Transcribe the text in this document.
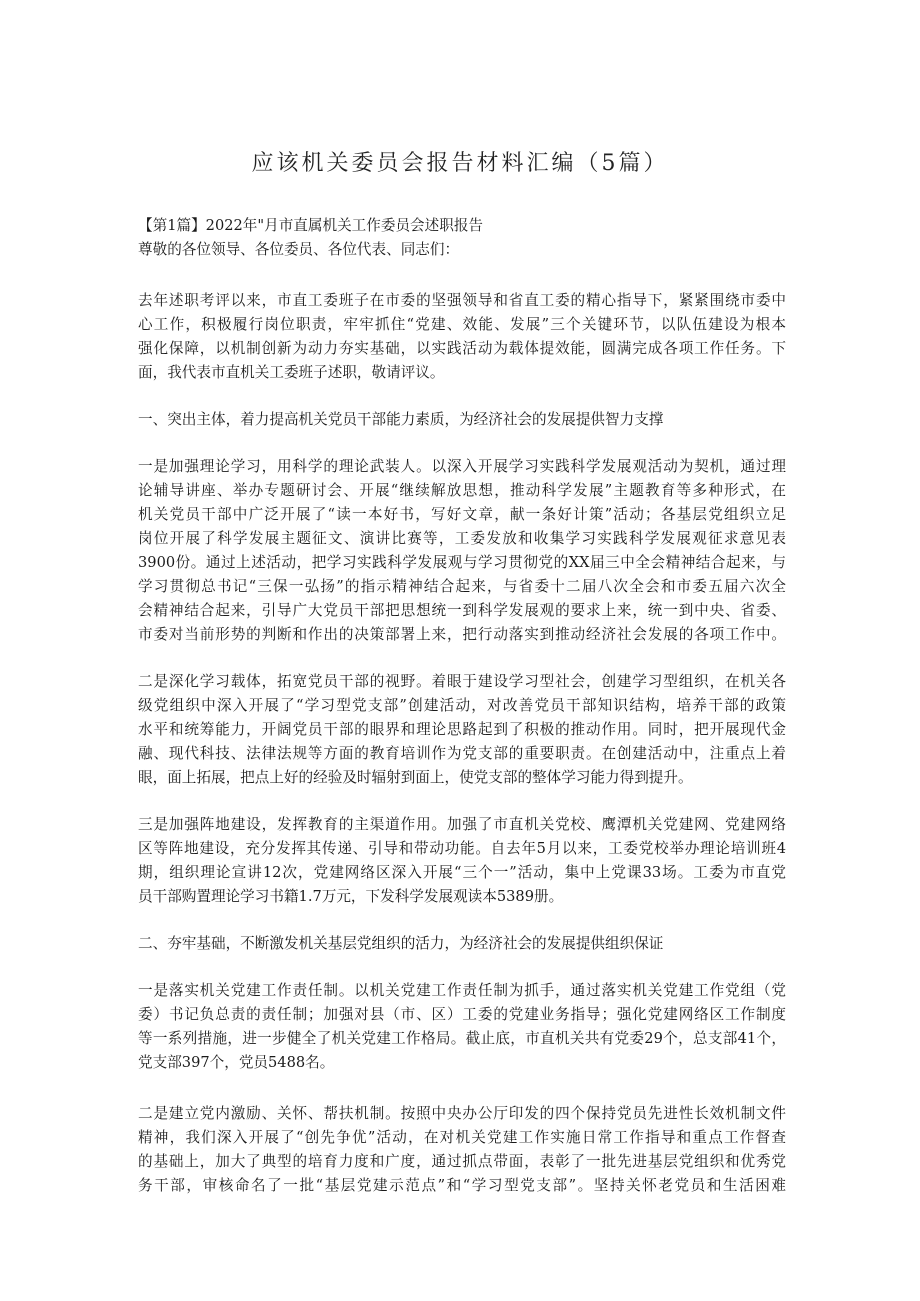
应该机关委员会报告材料汇编（5篇）

【第1篇】2022年"月市直属机关工作委员会述职报告

尊敬的各位领导、各位委员、各位代表、同志们：

去年述职考评以来，市直工委班子在市委的坚强领导和省直工委的精心指导下，紧紧围绕市委中

心工作，积极履行岗位职责，牢牢抓住“党建、效能、发展”三个关键环节，以队伍建设为根本

强化保障，以机制创新为动力夯实基础，以实践活动为载体提效能，圆满完成各项工作任务。下

面，我代表市直机关工委班子述职，敬请评议。

一、突出主体，着力提高机关党员干部能力素质，为经济社会的发展提供智力支撑

一是加强理论学习，用科学的理论武装人。以深入开展学习实践科学发展观活动为契机，通过理

论辅导讲座、举办专题研讨会、开展“继续解放思想，推动科学发展”主题教育等多种形式，在

机关党员干部中广泛开展了“读一本好书，写好文章，献一条好计策”活动；各基层党组织立足

岗位开展了科学发展主题征文、演讲比赛等，工委发放和收集学习实践科学发展观征求意见表

3900份。通过上述活动，把学习实践科学发展观与学习贯彻党的XX届三中全会精神结合起来，与

学习贯彻总书记“三保一弘扬”的指示精神结合起来，与省委十二届八次全会和市委五届六次全

会精神结合起来，引导广大党员干部把思想统一到科学发展观的要求上来，统一到中央、省委、

市委对当前形势的判断和作出的决策部署上来，把行动落实到推动经济社会发展的各项工作中。

二是深化学习载体，拓宽党员干部的视野。着眼于建设学习型社会，创建学习型组织，在机关各

级党组织中深入开展了“学习型党支部”创建活动，对改善党员干部知识结构，培养干部的政策

水平和统筹能力，开阔党员干部的眼界和理论思路起到了积极的推动作用。同时，把开展现代金

融、现代科技、法律法规等方面的教育培训作为党支部的重要职责。在创建活动中，注重点上着

眼，面上拓展，把点上好的经验及时辐射到面上，使党支部的整体学习能力得到提升。

三是加强阵地建设，发挥教育的主渠道作用。加强了市直机关党校、鹰潭机关党建网、党建网络

区等阵地建设，充分发挥其传递、引导和带动功能。自去年5月以来，工委党校举办理论培训班4

期，组织理论宣讲12次，党建网络区深入开展“三个一”活动，集中上党课33场。工委为市直党

员干部购置理论学习书籍1.7万元，下发科学发展观读本5389册。

二、夯牢基础，不断激发机关基层党组织的活力，为经济社会的发展提供组织保证

一是落实机关党建工作责任制。以机关党建工作责任制为抓手，通过落实机关党建工作党组（党

委）书记负总责的责任制；加强对县（市、区）工委的党建业务指导；强化党建网络区工作制度

等一系列措施，进一步健全了机关党建工作格局。截止底，市直机关共有党委29个，总支部41个，

党支部397个，党员5488名。

二是建立党内激励、关怀、帮扶机制。按照中央办公厅印发的四个保持党员先进性长效机制文件

精神，我们深入开展了“创先争优”活动，在对机关党建工作实施日常工作指导和重点工作督查

的基础上，加大了典型的培育力度和广度，通过抓点带面，表彰了一批先进基层党组织和优秀党

务干部，审核命名了一批“基层党建示范点”和“学习型党支部”。坚持关怀老党员和生活困难
